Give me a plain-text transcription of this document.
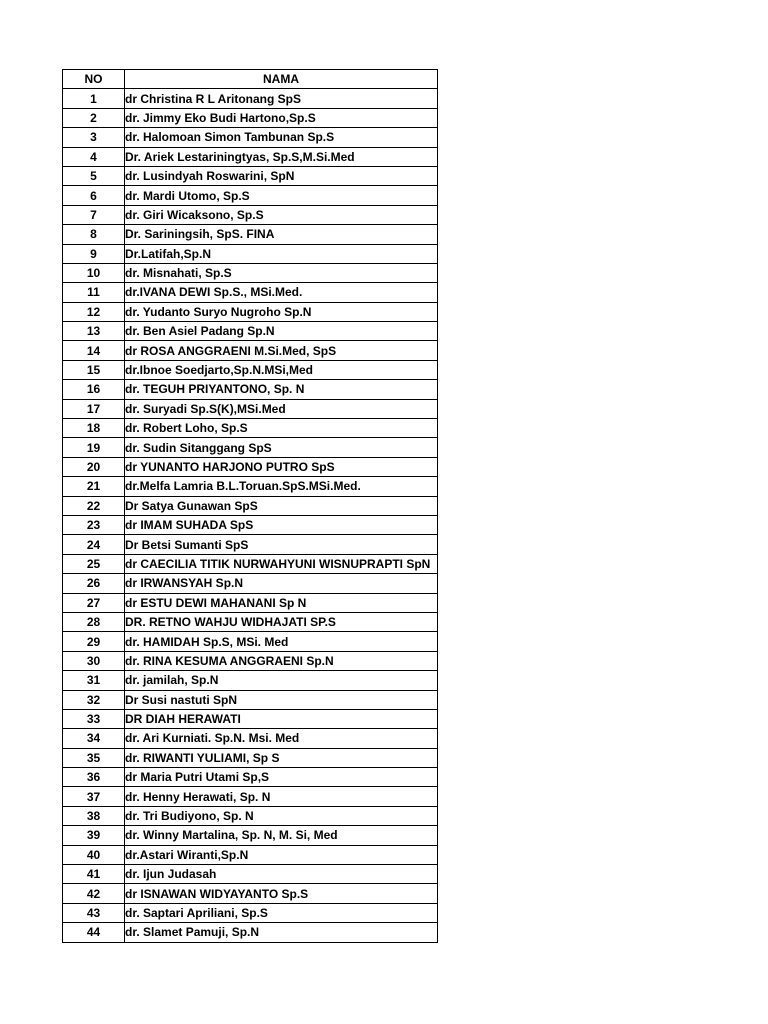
NO	NAMA
1	dr Christina R L Aritonang SpS
2	dr. Jimmy Eko Budi Hartono,Sp.S
3	dr. Halomoan Simon Tambunan Sp.S
4	Dr. Ariek Lestariningtyas, Sp.S,M.Si.Med
5	dr. Lusindyah Roswarini, SpN
6	dr. Mardi Utomo, Sp.S
7	dr. Giri Wicaksono, Sp.S
8	Dr. Sariningsih, SpS. FINA
9	Dr.Latifah,Sp.N
10	dr. Misnahati, Sp.S
11	dr.IVANA DEWI Sp.S., MSi.Med.
12	dr. Yudanto Suryo Nugroho Sp.N
13	dr. Ben Asiel Padang Sp.N
14	dr ROSA ANGGRAENI M.Si.Med, SpS
15	dr.Ibnoe Soedjarto,Sp.N.MSi,Med
16	dr. TEGUH PRIYANTONO, Sp. N
17	dr. Suryadi Sp.S(K),MSi.Med
18	dr. Robert Loho, Sp.S
19	dr. Sudin Sitanggang SpS
20	dr YUNANTO HARJONO PUTRO SpS
21	dr.Melfa Lamria B.L.Toruan.SpS.MSi.Med.
22	Dr Satya Gunawan SpS
23	dr IMAM SUHADA SpS
24	Dr Betsi Sumanti SpS
25	dr CAECILIA TITIK NURWAHYUNI WISNUPRAPTI SpN
26	dr IRWANSYAH Sp.N
27	dr ESTU DEWI MAHANANI Sp N
28	DR. RETNO WAHJU WIDHAJATI SP.S
29	dr. HAMIDAH Sp.S, MSi. Med
30	dr. RINA KESUMA ANGGRAENI Sp.N
31	dr. jamilah, Sp.N
32	Dr Susi nastuti SpN
33	DR DIAH HERAWATI
34	dr. Ari Kurniati. Sp.N. Msi. Med
35	dr. RIWANTI YULIAMI, Sp S
36	dr Maria Putri Utami Sp,S
37	dr. Henny Herawati, Sp. N
38	dr. Tri Budiyono, Sp. N
39	dr. Winny Martalina, Sp. N, M. Si, Med
40	dr.Astari Wiranti,Sp.N
41	dr. Ijun Judasah
42	dr ISNAWAN WIDYAYANTO Sp.S
43	dr. Saptari Apriliani, Sp.S
44	dr. Slamet Pamuji, Sp.N
